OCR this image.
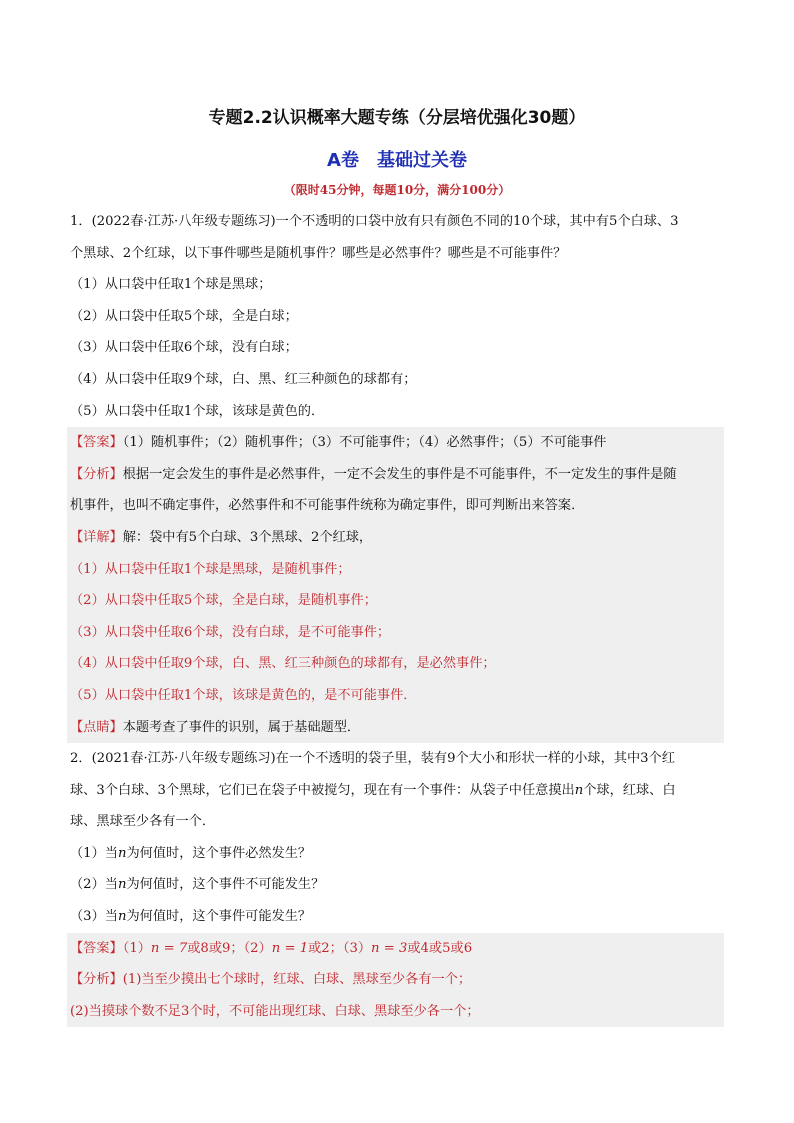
专题2.2认识概率大题专练（分层培优强化30题）
A卷　基础过关卷
（限时45分钟，每题10分，满分100分）
1．(2022春·江苏·八年级专题练习)一个不透明的口袋中放有只有颜色不同的10个球，其中有5个白球、3
个黑球、2个红球，以下事件哪些是随机事件？哪些是必然事件？哪些是不可能事件？
（1）从口袋中任取1个球是黑球；
（2）从口袋中任取5个球，全是白球；
（3）从口袋中任取6个球，没有白球；
（4）从口袋中任取9个球，白、黑、红三种颜色的球都有；
（5）从口袋中任取1个球，该球是黄色的．
【答案】（1）随机事件；（2）随机事件；（3）不可能事件；（4）必然事件；（5）不可能事件
【分析】根据一定会发生的事件是必然事件，一定不会发生的事件是不可能事件，不一定发生的事件是随
机事件，也叫不确定事件，必然事件和不可能事件统称为确定事件，即可判断出来答案．
【详解】解：袋中有5个白球、3个黑球、2个红球，
（1）从口袋中任取1个球是黑球，是随机事件；
（2）从口袋中任取5个球，全是白球，是随机事件；
（3）从口袋中任取6个球，没有白球，是不可能事件；
（4）从口袋中任取9个球，白、黑、红三种颜色的球都有，是必然事件；
（5）从口袋中任取1个球，该球是黄色的，是不可能事件．
【点睛】本题考查了事件的识别，属于基础题型．
2．(2021春·江苏·八年级专题练习)在一个不透明的袋子里，装有9个大小和形状一样的小球，其中3个红
球、3个白球、3个黑球，它们已在袋子中被搅匀，现在有一个事件：从袋子中任意摸出n个球，红球、白
球、黑球至少各有一个．
（1）当n为何值时，这个事件必然发生？
（2）当n为何值时，这个事件不可能发生？
（3）当n为何值时，这个事件可能发生？
【答案】（1）n = 7或8或9；（2）n = 1或2；（3）n = 3或4或5或6
【分析】(1)当至少摸出七个球时，红球、白球、黑球至少各有一个；
(2)当摸球个数不足3个时，不可能出现红球、白球、黑球至少各一个；
